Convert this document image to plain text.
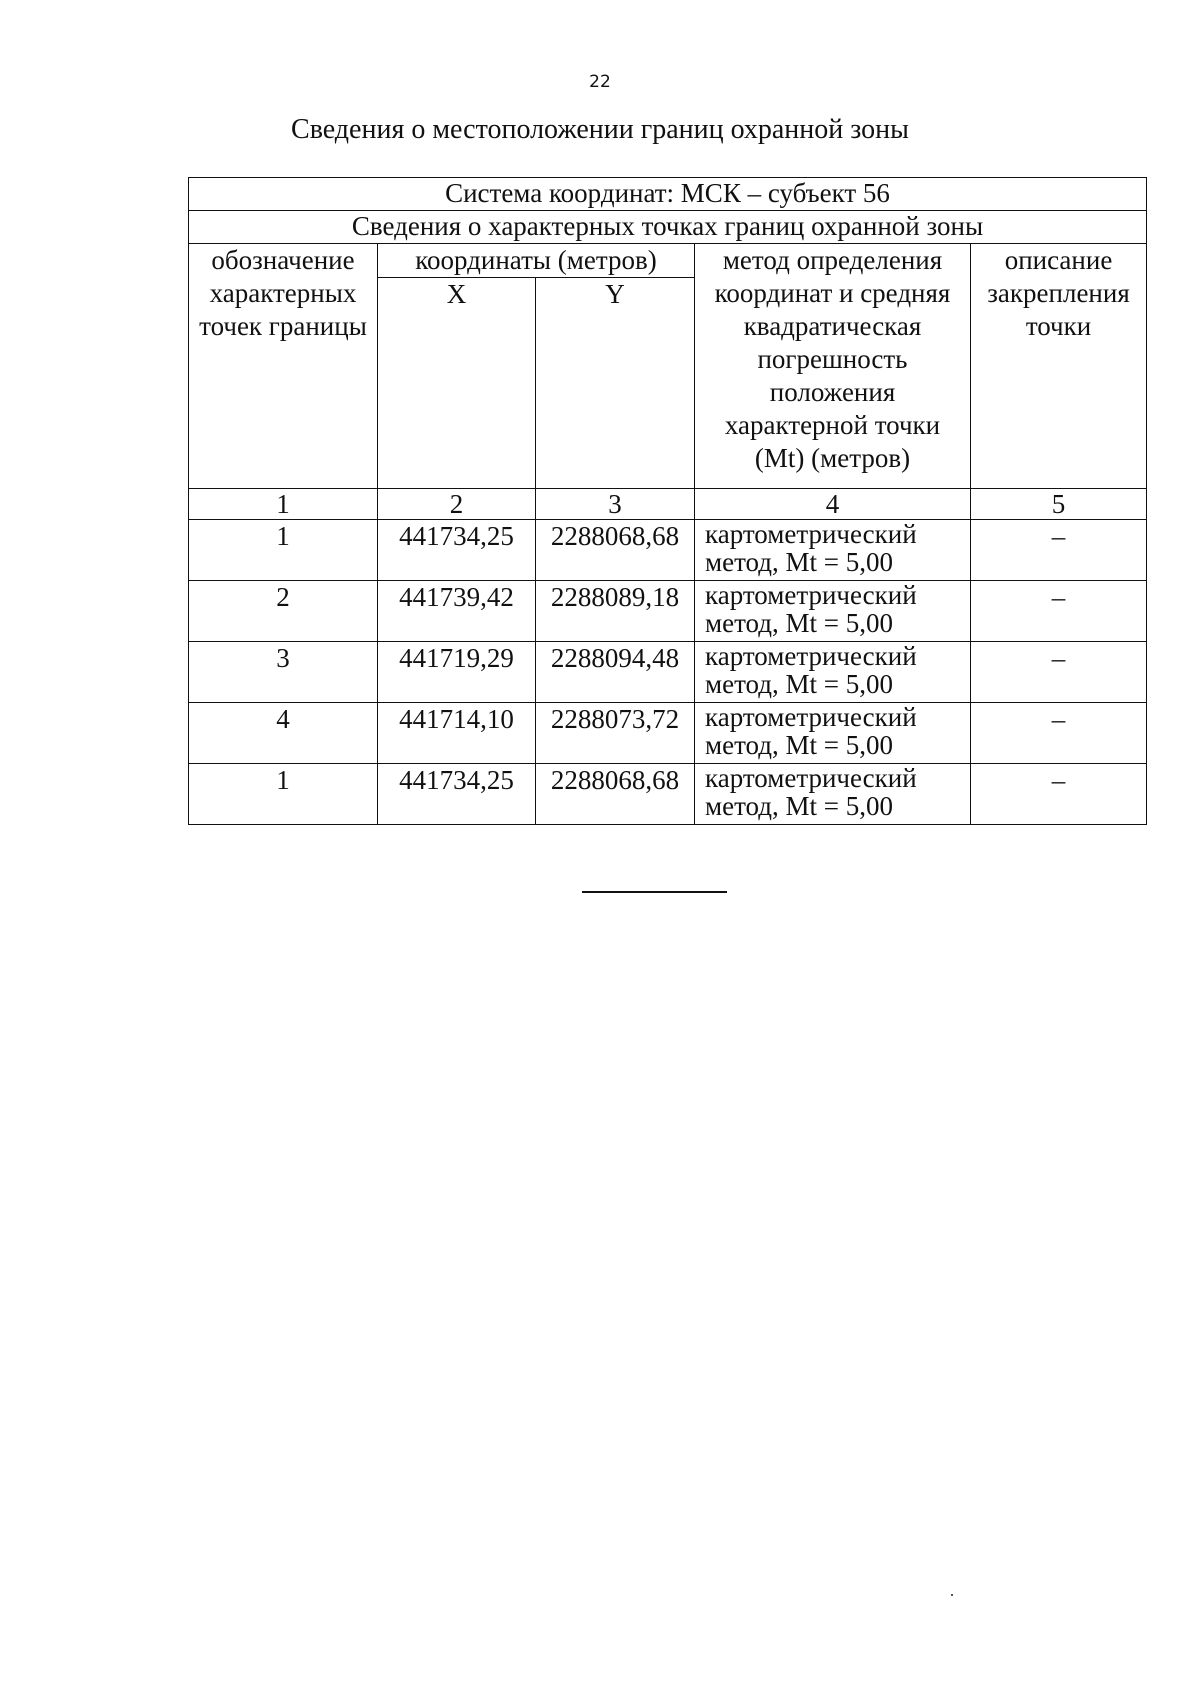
22
Сведения о местоположении границ охранной зоны
Система координат: МСК – субъект 56				
Сведения о характерных точках границ охранной зоны				
обозначение характерных точек границы	координаты (метров)		метод определения координат и средняя квадратическая погрешность положения характерной точки (Mt) (метров)	описание закрепления точки
	X	Y		
1	2	3	4	5
1	441734,25	2288068,68	картометрический метод, Mt = 5,00	–
2	441739,42	2288089,18	картометрический метод, Mt = 5,00	–
3	441719,29	2288094,48	картометрический метод, Mt = 5,00	–
4	441714,10	2288073,72	картометрический метод, Mt = 5,00	–
1	441734,25	2288068,68	картометрический метод, Mt = 5,00	–
